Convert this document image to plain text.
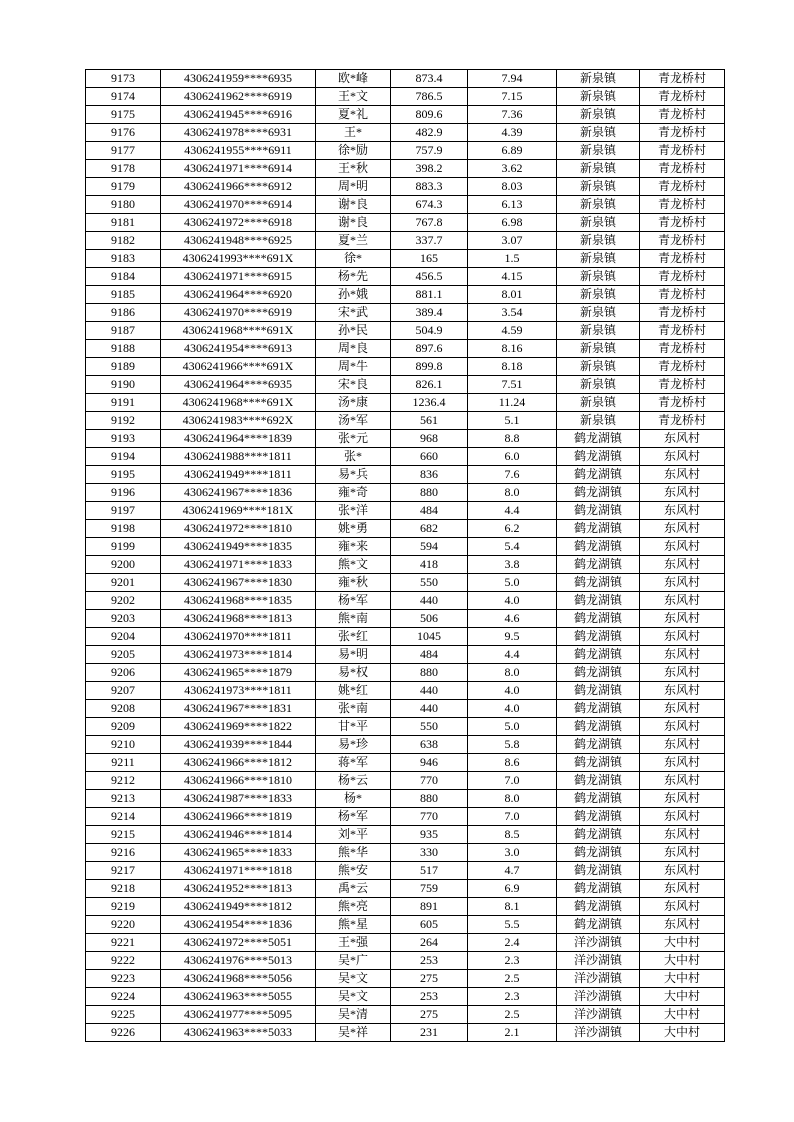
9173	4306241959****6935	欧*峰	873.4	7.94	新泉镇	青龙桥村
9174	4306241962****6919	王*文	786.5	7.15	新泉镇	青龙桥村
9175	4306241945****6916	夏*礼	809.6	7.36	新泉镇	青龙桥村
9176	4306241978****6931	王*	482.9	4.39	新泉镇	青龙桥村
9177	4306241955****6911	徐*励	757.9	6.89	新泉镇	青龙桥村
9178	4306241971****6914	王*秋	398.2	3.62	新泉镇	青龙桥村
9179	4306241966****6912	周*明	883.3	8.03	新泉镇	青龙桥村
9180	4306241970****6914	谢*良	674.3	6.13	新泉镇	青龙桥村
9181	4306241972****6918	谢*良	767.8	6.98	新泉镇	青龙桥村
9182	4306241948****6925	夏*兰	337.7	3.07	新泉镇	青龙桥村
9183	4306241993****691X	徐*	165	1.5	新泉镇	青龙桥村
9184	4306241971****6915	杨*先	456.5	4.15	新泉镇	青龙桥村
9185	4306241964****6920	孙*娥	881.1	8.01	新泉镇	青龙桥村
9186	4306241970****6919	宋*武	389.4	3.54	新泉镇	青龙桥村
9187	4306241968****691X	孙*民	504.9	4.59	新泉镇	青龙桥村
9188	4306241954****6913	周*良	897.6	8.16	新泉镇	青龙桥村
9189	4306241966****691X	周*牛	899.8	8.18	新泉镇	青龙桥村
9190	4306241964****6935	宋*良	826.1	7.51	新泉镇	青龙桥村
9191	4306241968****691X	汤*康	1236.4	11.24	新泉镇	青龙桥村
9192	4306241983****692X	汤*军	561	5.1	新泉镇	青龙桥村
9193	4306241964****1839	张*元	968	8.8	鹤龙湖镇	东风村
9194	4306241988****1811	张*	660	6.0	鹤龙湖镇	东风村
9195	4306241949****1811	易*兵	836	7.6	鹤龙湖镇	东风村
9196	4306241967****1836	雍*奇	880	8.0	鹤龙湖镇	东风村
9197	4306241969****181X	张*洋	484	4.4	鹤龙湖镇	东风村
9198	4306241972****1810	姚*勇	682	6.2	鹤龙湖镇	东风村
9199	4306241949****1835	雍*来	594	5.4	鹤龙湖镇	东风村
9200	4306241971****1833	熊*文	418	3.8	鹤龙湖镇	东风村
9201	4306241967****1830	雍*秋	550	5.0	鹤龙湖镇	东风村
9202	4306241968****1835	杨*军	440	4.0	鹤龙湖镇	东风村
9203	4306241968****1813	熊*南	506	4.6	鹤龙湖镇	东风村
9204	4306241970****1811	张*红	1045	9.5	鹤龙湖镇	东风村
9205	4306241973****1814	易*明	484	4.4	鹤龙湖镇	东风村
9206	4306241965****1879	易*权	880	8.0	鹤龙湖镇	东风村
9207	4306241973****1811	姚*红	440	4.0	鹤龙湖镇	东风村
9208	4306241967****1831	张*南	440	4.0	鹤龙湖镇	东风村
9209	4306241969****1822	甘*平	550	5.0	鹤龙湖镇	东风村
9210	4306241939****1844	易*珍	638	5.8	鹤龙湖镇	东风村
9211	4306241966****1812	蒋*军	946	8.6	鹤龙湖镇	东风村
9212	4306241966****1810	杨*云	770	7.0	鹤龙湖镇	东风村
9213	4306241987****1833	杨*	880	8.0	鹤龙湖镇	东风村
9214	4306241966****1819	杨*军	770	7.0	鹤龙湖镇	东风村
9215	4306241946****1814	刘*平	935	8.5	鹤龙湖镇	东风村
9216	4306241965****1833	熊*华	330	3.0	鹤龙湖镇	东风村
9217	4306241971****1818	熊*安	517	4.7	鹤龙湖镇	东风村
9218	4306241952****1813	禹*云	759	6.9	鹤龙湖镇	东风村
9219	4306241949****1812	熊*亮	891	8.1	鹤龙湖镇	东风村
9220	4306241954****1836	熊*星	605	5.5	鹤龙湖镇	东风村
9221	4306241972****5051	王*强	264	2.4	洋沙湖镇	大中村
9222	4306241976****5013	吴*广	253	2.3	洋沙湖镇	大中村
9223	4306241968****5056	吴*文	275	2.5	洋沙湖镇	大中村
9224	4306241963****5055	吴*文	253	2.3	洋沙湖镇	大中村
9225	4306241977****5095	吴*清	275	2.5	洋沙湖镇	大中村
9226	4306241963****5033	吴*祥	231	2.1	洋沙湖镇	大中村
